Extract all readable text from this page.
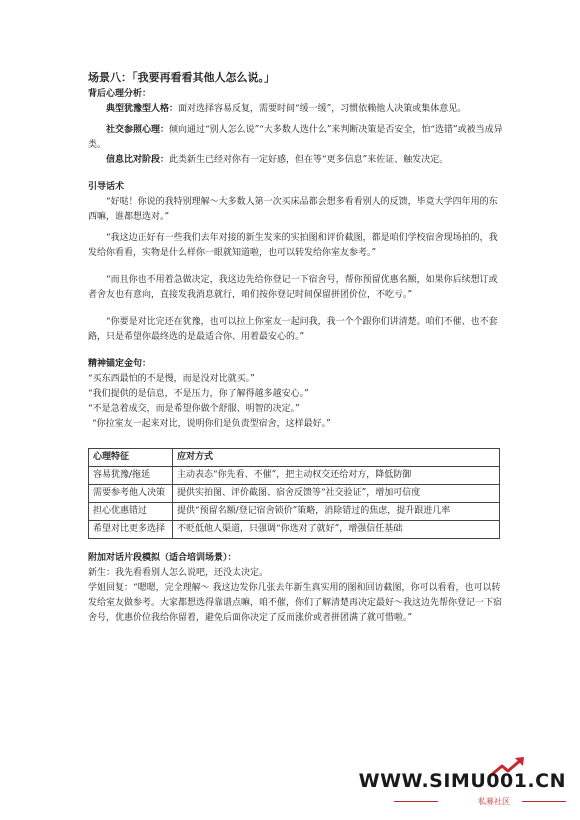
场景八：「我要再看看其他人怎么说。」
背后心理分析：
典型犹豫型人格：面对选择容易反复，需要时间“缓一缓”，习惯依赖他人决策或集体意见。
社交参照心理：倾向通过“别人怎么说”“大多数人选什么”来判断决策是否安全，怕“选错”或被当成异类。
信息比对阶段：此类新生已经对你有一定好感，但在等“更多信息”来佐证、触发决定。
引导话术
“好哒！你说的我特别理解～大多数人第一次买床品都会想多看看别人的反馈，毕竟大学四年用的东西嘛，谁都想选对。”
“我这边正好有一些我们去年对接的新生发来的实拍图和评价截图，都是咱们学校宿舍现场拍的，我发给你看看，实物是什么样你一眼就知道啦，也可以转发给你室友参考。”
“而且你也不用着急做决定，我这边先给你登记一下宿舍号，帮你预留优惠名额，如果你后续想订或者舍友也有意向，直接发我消息就行，咱们按你登记时间保留拼团价位，不吃亏。”
“你要是对比完还在犹豫，也可以拉上你室友一起问我，我一个个跟你们讲清楚。咱们不催、也不套路，只是希望你最终选的是最适合你、用着最安心的。”
精神锚定金句：
“买东西最怕的不是慢，而是没对比就买。”
“我们提供的是信息，不是压力，你了解得越多越安心。”
“不是急着成交，而是希望你做个舒服、明智的决定。”
“你拉室友一起来对比，说明你们是负责型宿舍，这样最好。”
心理特征	应对方式
容易犹豫/拖延	主动表态“你先看、不催”，把主动权交还给对方，降低防御
需要参考他人决策	提供实拍图、评价截图、宿舍反馈等“社交验证”，增加可信度
担心优惠错过	提供“预留名额/登记宿舍锁价”策略，消除错过的焦虑，提升跟进几率
希望对比更多选择	不贬低他人渠道，只强调“你选对了就好”，增强信任基础
附加对话片段模拟（适合培训场景）：
新生：我先看看别人怎么说吧，还没太决定。
学姐回复：“嗯嗯，完全理解～ 我这边发你几张去年新生真实用的图和回访截图，你可以看看，也可以转发给室友做参考。大家都想选得靠谱点嘛，咱不催，你们了解清楚再决定最好～我这边先帮你登记一下宿舍号，优惠价位我给你留着，避免后面你决定了反而涨价或者拼团满了就可惜啦。”
WWW.SIMU001.CN
私募社区
